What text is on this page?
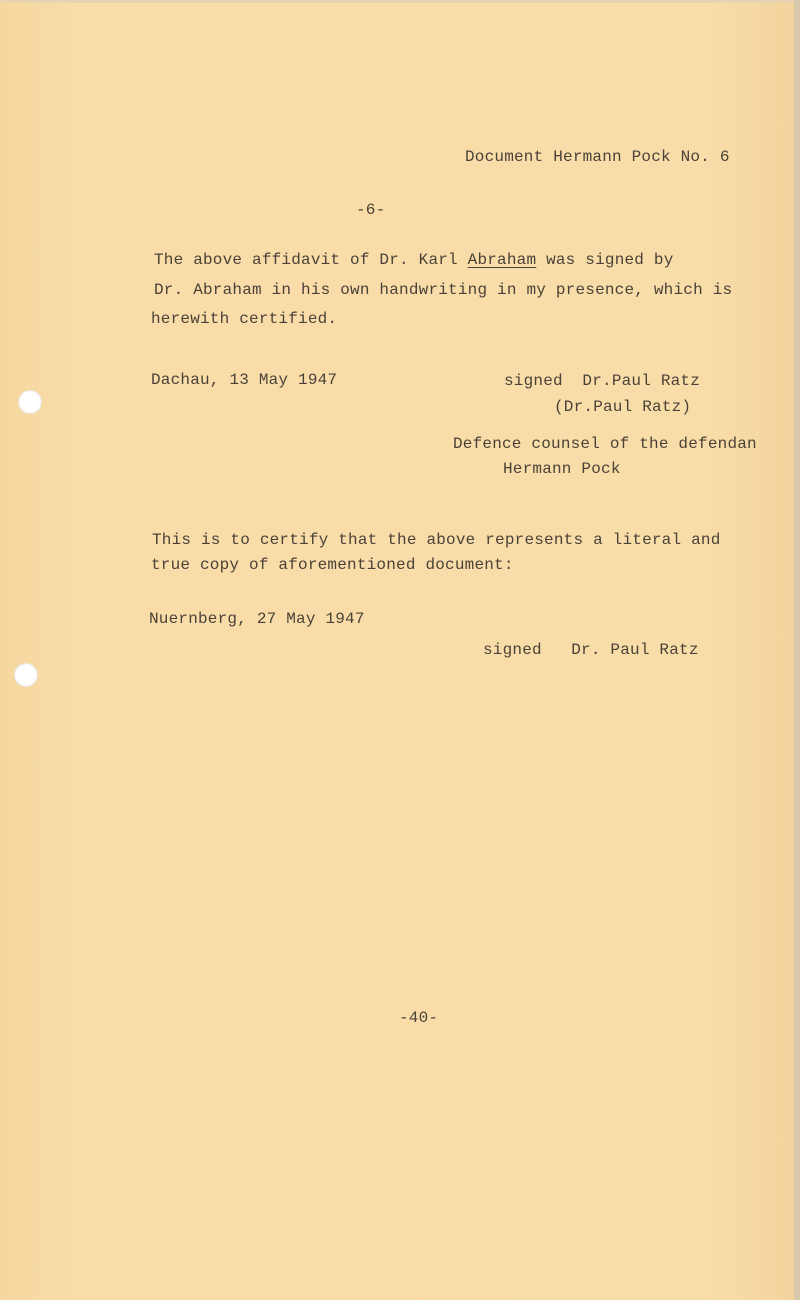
Document Hermann Pock No. 6
-6-
The above affidavit of Dr. Karl Abraham was signed by
Dr. Abraham in his own handwriting in my presence, which is
herewith certified.
Dachau, 13 May 1947	signed  Dr.Paul Ratz
(Dr.Paul Ratz)
Defence counsel of the defendan
Hermann Pock
This is to certify that the above represents a literal and
true copy of aforementioned document:
Nuernberg, 27 May 1947
signed   Dr. Paul Ratz
-40-
